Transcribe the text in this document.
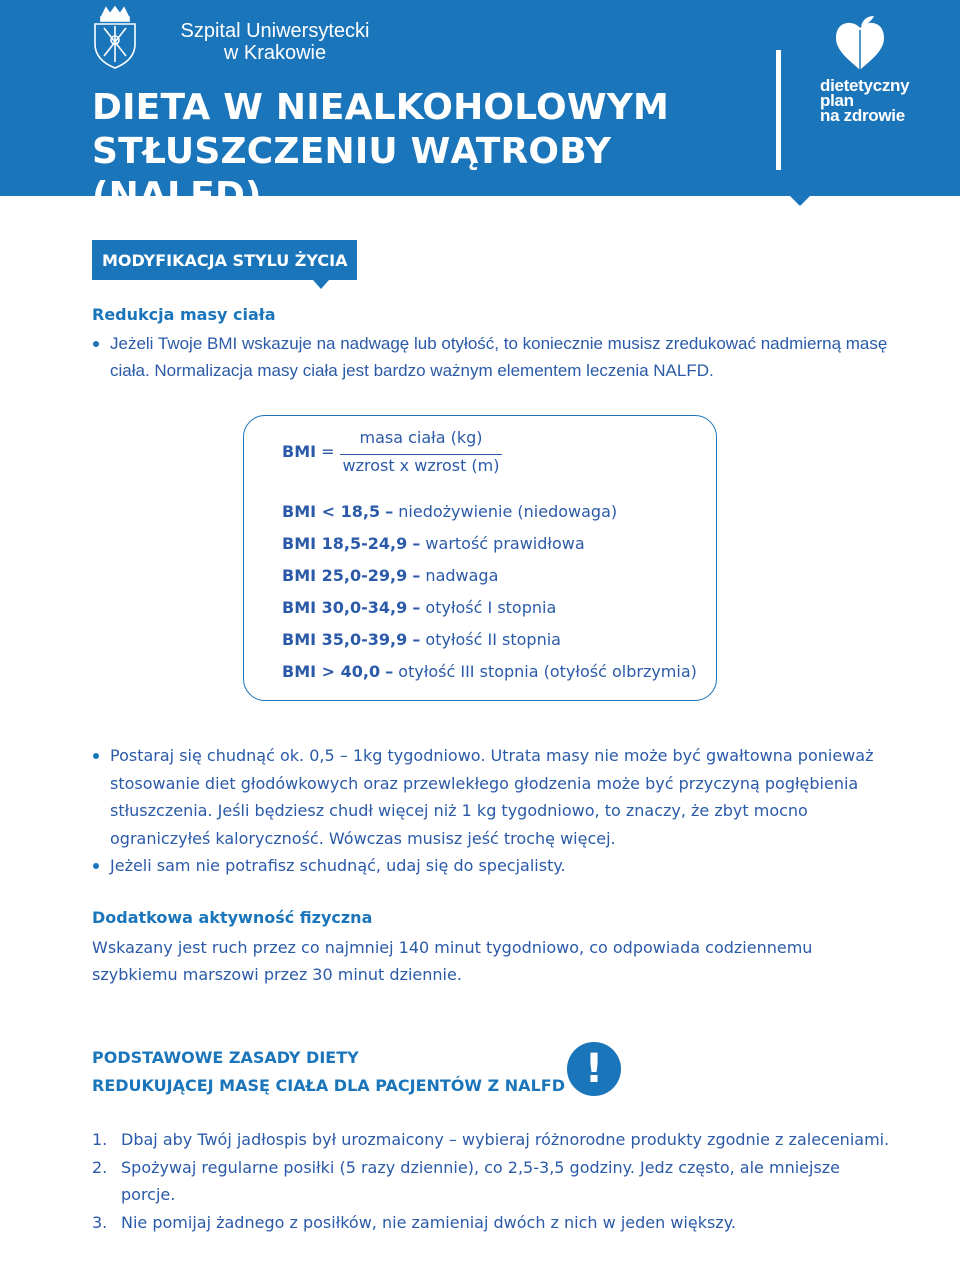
Szpital Uniwersytecki
w Krakowie
DIETA W NIEALKOHOLOWYM
STŁUSZCZENIU WĄTROBY (NALFD)
dietetyczny
plan
na zdrowie
MODYFIKACJA STYLU ŻYCIA
Redukcja masy ciała
Jeżeli Twoje BMI wskazuje na nadwagę lub otyłość, to koniecznie musisz zredukować nadmierną masę ciała. Normalizacja masy ciała jest bardzo ważnym elementem leczenia NALFD.
BMI =
masa ciała (kg)
wzrost x wzrost (m)
BMI < 18,5 – niedożywienie (niedowaga)
BMI 18,5-24,9 – wartość prawidłowa
BMI 25,0-29,9 – nadwaga
BMI 30,0-34,9 – otyłość I stopnia
BMI 35,0-39,9 – otyłość II stopnia
BMI > 40,0 – otyłość III stopnia (otyłość olbrzymia)
Postaraj się chudnąć ok. 0,5 – 1kg tygodniowo. Utrata masy nie może być gwałtowna ponieważ stosowanie diet głodówkowych oraz przewlekłego głodzenia może być przyczyną pogłębienia stłuszczenia. Jeśli będziesz chudł więcej niż 1 kg tygodniowo, to znaczy, że zbyt mocno ograniczyłeś kaloryczność. Wówczas musisz jeść trochę więcej.
Jeżeli sam nie potrafisz schudnąć, udaj się do specjalisty.
Dodatkowa aktywność fizyczna
Wskazany jest ruch przez co najmniej 140 minut tygodniowo, co odpowiada codziennemu szybkiemu marszowi przez 30 minut dziennie.
PODSTAWOWE ZASADY DIETY
REDUKUJĄCEJ MASĘ CIAŁA DLA PACJENTÓW Z NALFD !
1. Dbaj aby Twój jadłospis był urozmaicony – wybieraj różnorodne produkty zgodnie z zaleceniami.
2. Spożywaj regularne posiłki (5 razy dziennie), co 2,5-3,5 godziny. Jedz często, ale mniejsze porcje.
3. Nie pomijaj żadnego z posiłków, nie zamieniaj dwóch z nich w jeden większy.
